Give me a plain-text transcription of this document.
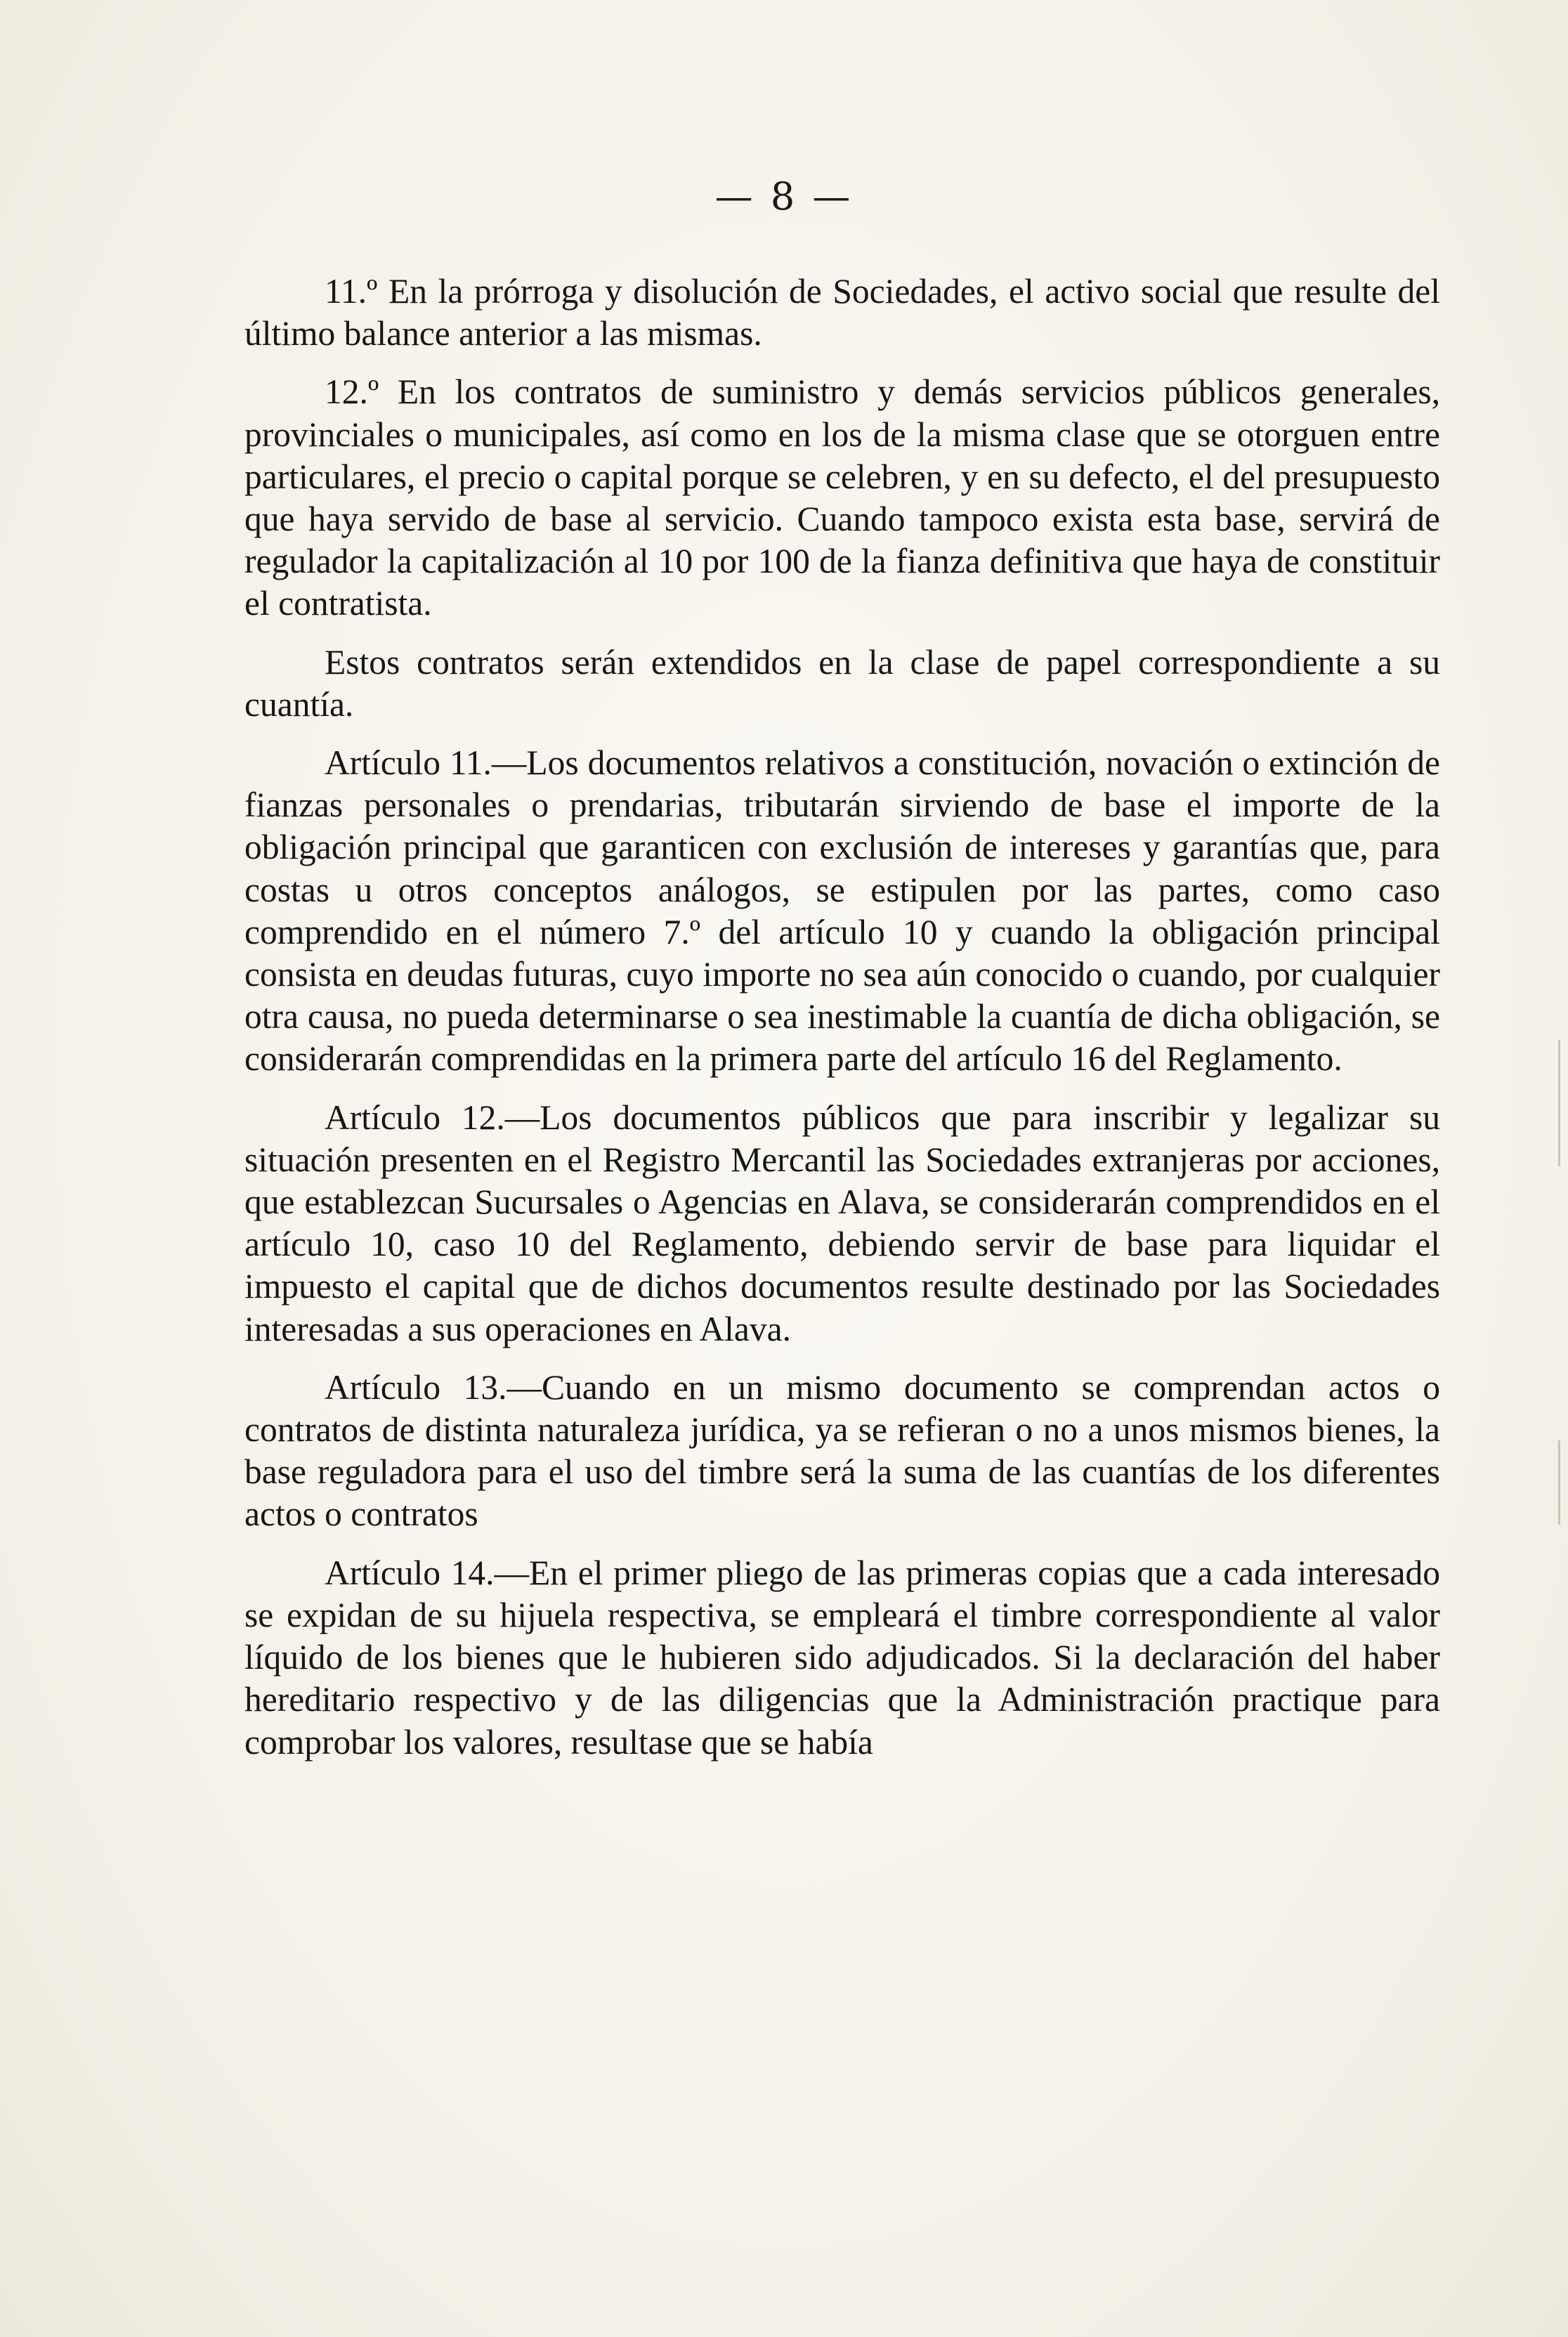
— 8 —

11.º En la prórroga y disolución de Sociedades, el activo social que resulte del último balance anterior a las mismas.

12.º En los contratos de suministro y demás servicios públicos generales, provinciales o municipales, así como en los de la misma clase que se otorguen entre particulares, el precio o capital porque se celebren, y en su defecto, el del presupuesto que haya servido de base al servicio. Cuando tampoco exista esta base, servirá de regulador la capitalización al 10 por 100 de la fianza definitiva que haya de constituir el contratista.

Estos contratos serán extendidos en la clase de papel correspondiente a su cuantía.

Artículo 11.—Los documentos relativos a constitución, novación o extinción de fianzas personales o prendarias, tributarán sirviendo de base el importe de la obligación principal que garanticen con exclusión de intereses y garantías que, para costas u otros conceptos análogos, se estipulen por las partes, como caso comprendido en el número 7.º del artículo 10 y cuando la obligación principal consista en deudas futuras, cuyo importe no sea aún conocido o cuando, por cualquier otra causa, no pueda determinarse o sea inestimable la cuantía de dicha obligación, se considerarán comprendidas en la primera parte del artículo 16 del Reglamento.

Artículo 12.—Los documentos públicos que para inscribir y legalizar su situación presenten en el Registro Mercantil las Sociedades extranjeras por acciones, que establezcan Sucursales o Agencias en Alava, se considerarán comprendidos en el artículo 10, caso 10 del Reglamento, debiendo servir de base para liquidar el impuesto el capital que de dichos documentos resulte destinado por las Sociedades interesadas a sus operaciones en Alava.

Artículo 13.—Cuando en un mismo documento se comprendan actos o contratos de distinta naturaleza jurídica, ya se refieran o no a unos mismos bienes, la base reguladora para el uso del timbre será la suma de las cuantías de los diferentes actos o contratos

Artículo 14.—En el primer pliego de las primeras copias que a cada interesado se expidan de su hijuela respectiva, se empleará el timbre correspondiente al valor líquido de los bienes que le hubieren sido adjudicados. Si la declaración del haber hereditario respectivo y de las diligencias que la Administración practique para comprobar los valores, resultase que se había
